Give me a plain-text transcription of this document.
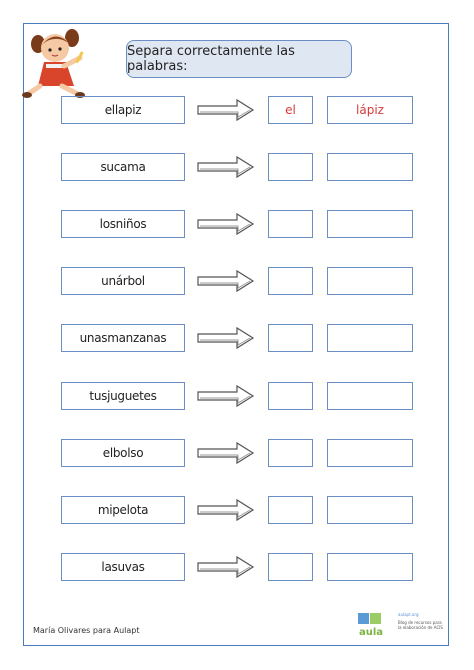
Separa correctamente las palabras:
ellapiz	el	lápiz
sucama
losniños
unárbol
unasmanzanas
tusjuguetes
elbolso
mipelota
lasuvas
María Olivares para Aulapt	aula
aulapt.org
Blog de recursos para la elaboración de ACIS
